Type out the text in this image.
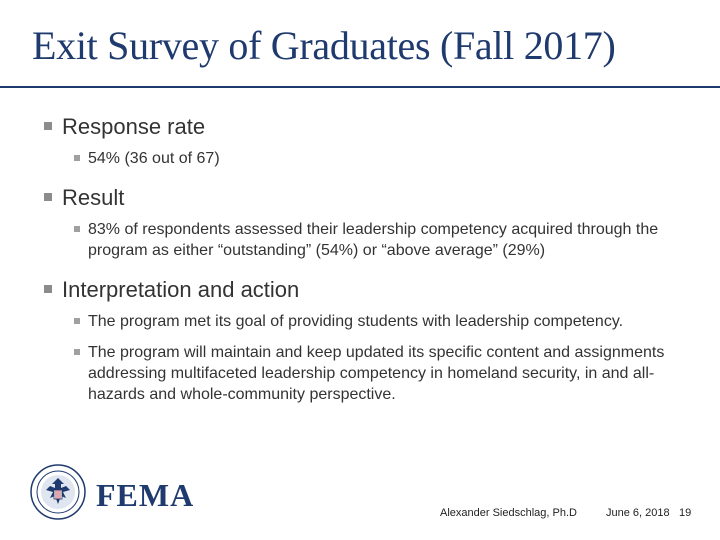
Exit Survey of Graduates (Fall 2017)
Response rate
54% (36 out of 67)
Result
83% of respondents assessed their leadership competency acquired through the program as either “outstanding” (54%) or “above average” (29%)
Interpretation and action
The program met its goal of providing students with leadership competency.
The program will maintain and keep updated its specific content and assignments addressing multifaceted leadership competency in homeland security, in and all-hazards and whole-community perspective.
FEMA	Alexander Siedschlag, Ph.D	June 6, 2018 19
